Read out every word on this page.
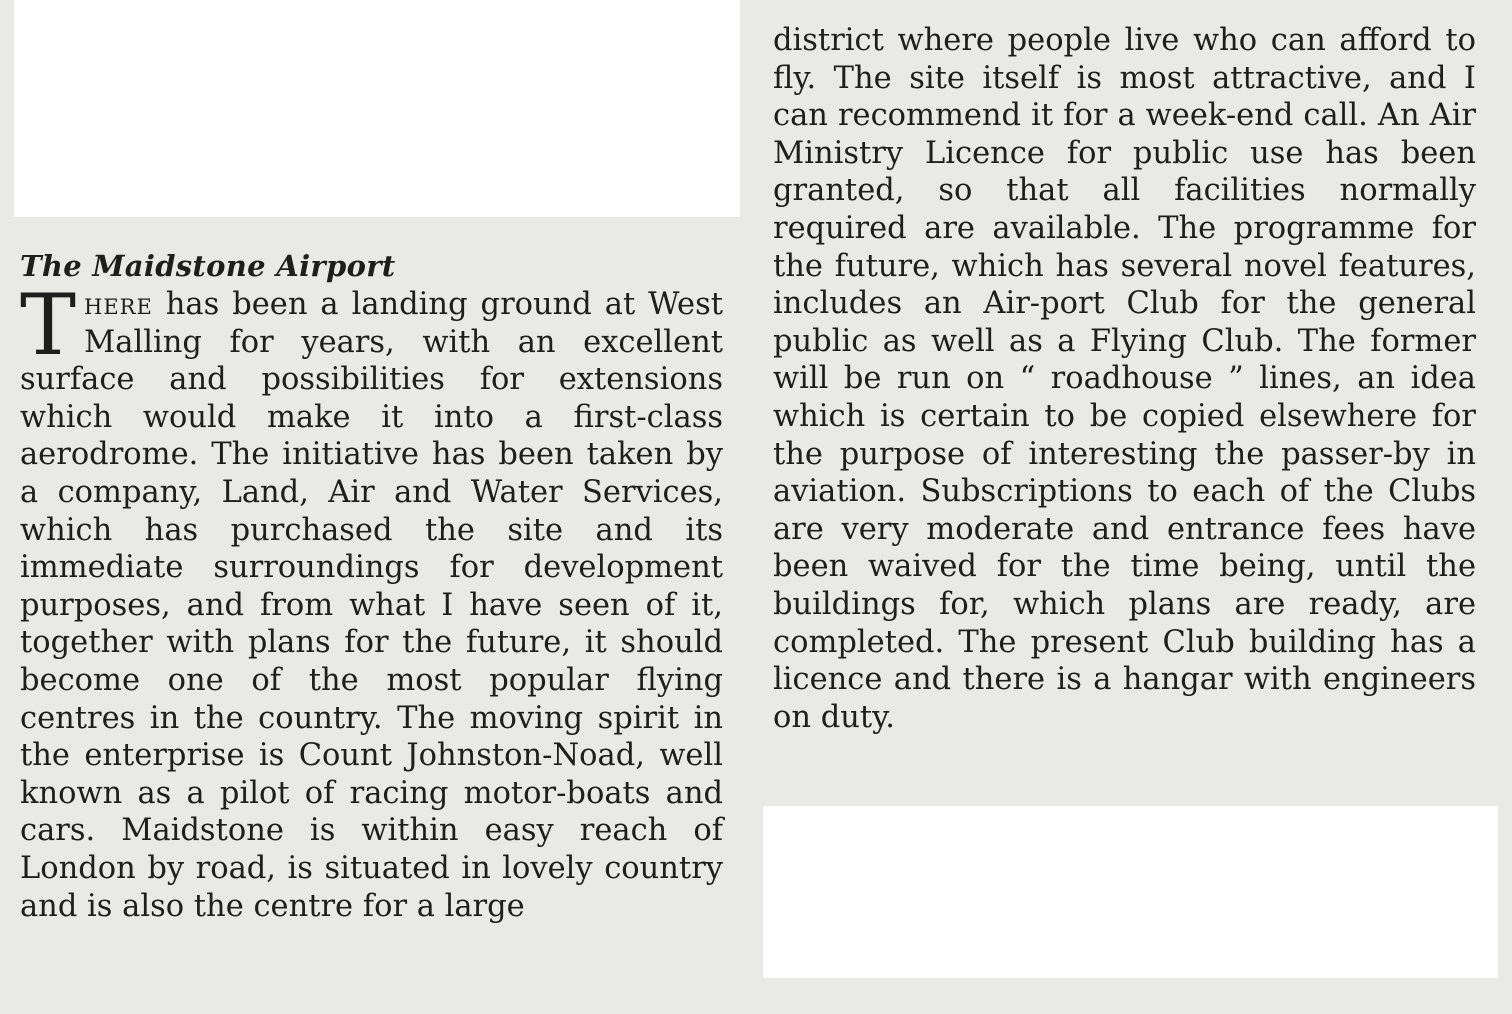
The Maidstone Airport

There has been a landing ground at West Malling for years, with an excellent surface and possibilities for extensions which would make it into a first-class aerodrome. The initiative has been taken by a company, Land, Air and Water Services, which has purchased the site and its immediate surroundings for development purposes, and from what I have seen of it, together with plans for the future, it should become one of the most popular flying centres in the country. The moving spirit in the enterprise is Count Johnston-Noad, well known as a pilot of racing motor-boats and cars. Maidstone is within easy reach of London by road, is situated in lovely country and is also the centre for a large

district where people live who can afford to fly. The site itself is most attractive, and I can recommend it for a week-end call. An Air Ministry Licence for public use has been granted, so that all facilities normally required are available. The programme for the future, which has several novel features, includes an Air-port Club for the general public as well as a Flying Club. The former will be run on “ roadhouse ” lines, an idea which is certain to be copied elsewhere for the purpose of interesting the passer-by in aviation. Subscriptions to each of the Clubs are very moderate and entrance fees have been waived for the time being, until the buildings for, which plans are ready, are completed. The present Club building has a licence and there is a hangar with engineers on duty.
